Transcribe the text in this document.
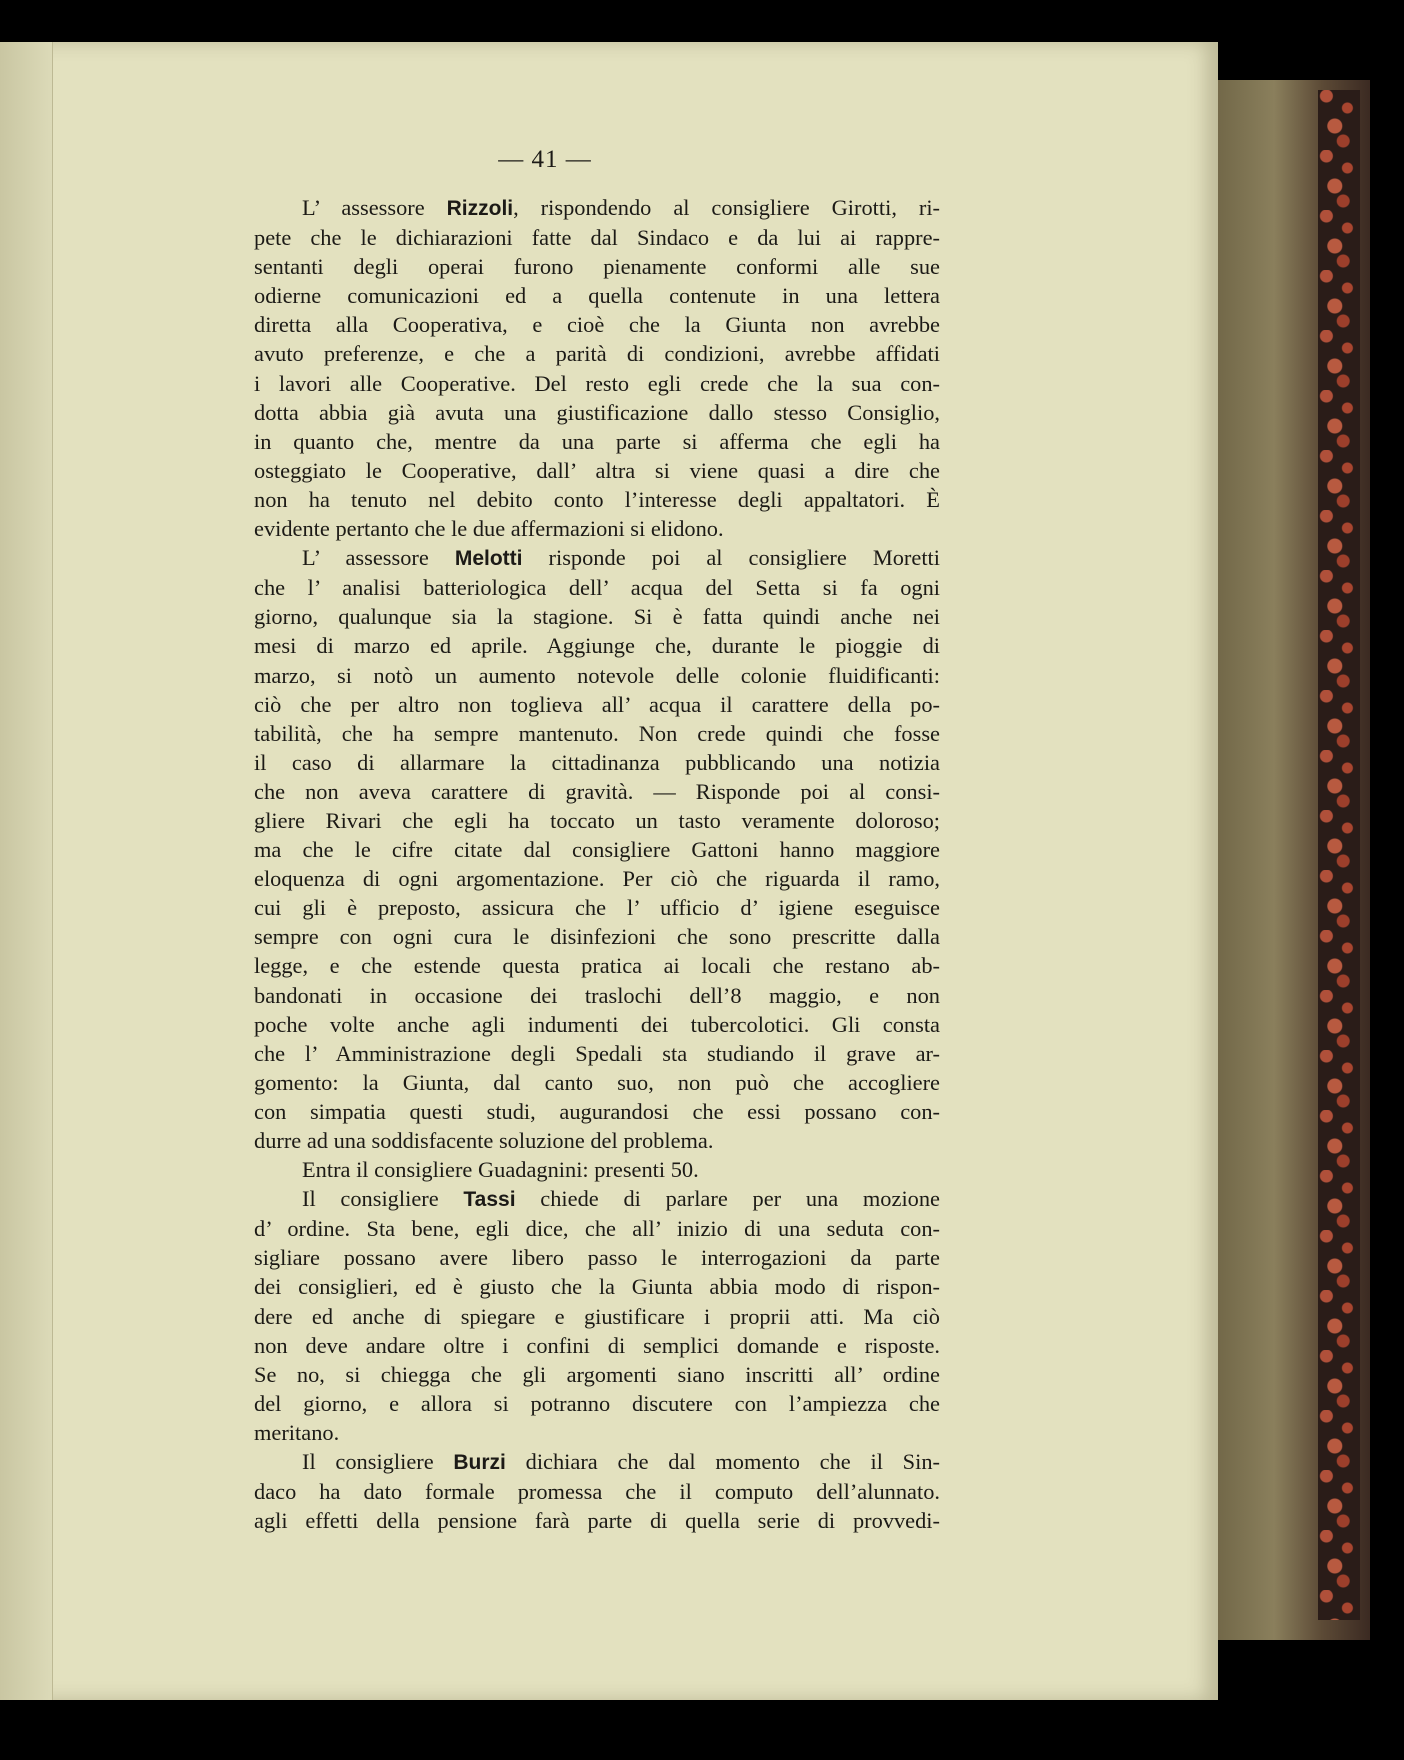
— 41 —
L’ assessore Rizzoli, rispondendo al consigliere Girotti, ri-
pete che le dichiarazioni fatte dal Sindaco e da lui ai rappre-
sentanti degli operai furono pienamente conformi alle sue
odierne comunicazioni ed a quella contenute in una lettera
diretta alla Cooperativa, e cioè che la Giunta non avrebbe
avuto preferenze, e che a parità di condizioni, avrebbe affidati
i lavori alle Cooperative. Del resto egli crede che la sua con-
dotta abbia già avuta una giustificazione dallo stesso Consiglio,
in quanto che, mentre da una parte si afferma che egli ha
osteggiato le Cooperative, dall’ altra si viene quasi a dire che
non ha tenuto nel debito conto l’interesse degli appaltatori. È
evidente pertanto che le due affermazioni si elidono.
L’ assessore Melotti risponde poi al consigliere Moretti
che l’ analisi batteriologica dell’ acqua del Setta si fa ogni
giorno, qualunque sia la stagione. Si è fatta quindi anche nei
mesi di marzo ed aprile. Aggiunge che, durante le pioggie di
marzo, si notò un aumento notevole delle colonie fluidificanti:
ciò che per altro non toglieva all’ acqua il carattere della po-
tabilità, che ha sempre mantenuto. Non crede quindi che fosse
il caso di allarmare la cittadinanza pubblicando una notizia
che non aveva carattere di gravità. — Risponde poi al consi-
gliere Rivari che egli ha toccato un tasto veramente doloroso;
ma che le cifre citate dal consigliere Gattoni hanno maggiore
eloquenza di ogni argomentazione. Per ciò che riguarda il ramo,
cui gli è preposto, assicura che l’ ufficio d’ igiene eseguisce
sempre con ogni cura le disinfezioni che sono prescritte dalla
legge, e che estende questa pratica ai locali che restano ab-
bandonati in occasione dei traslochi dell’8 maggio, e non
poche volte anche agli indumenti dei tubercolotici. Gli consta
che l’ Amministrazione degli Spedali sta studiando il grave ar-
gomento: la Giunta, dal canto suo, non può che accogliere
con simpatia questi studi, augurandosi che essi possano con-
durre ad una soddisfacente soluzione del problema.
Entra il consigliere Guadagnini: presenti 50.
Il consigliere Tassi chiede di parlare per una mozione
d’ ordine. Sta bene, egli dice, che all’ inizio di una seduta con-
sigliare possano avere libero passo le interrogazioni da parte
dei consiglieri, ed è giusto che la Giunta abbia modo di rispon-
dere ed anche di spiegare e giustificare i proprii atti. Ma ciò
non deve andare oltre i confini di semplici domande e risposte.
Se no, si chiegga che gli argomenti siano inscritti all’ ordine
del giorno, e allora si potranno discutere con l’ampiezza che
meritano.
Il consigliere Burzi dichiara che dal momento che il Sin-
daco ha dato formale promessa che il computo dell’alunnato.
agli effetti della pensione farà parte di quella serie di provvedi-
